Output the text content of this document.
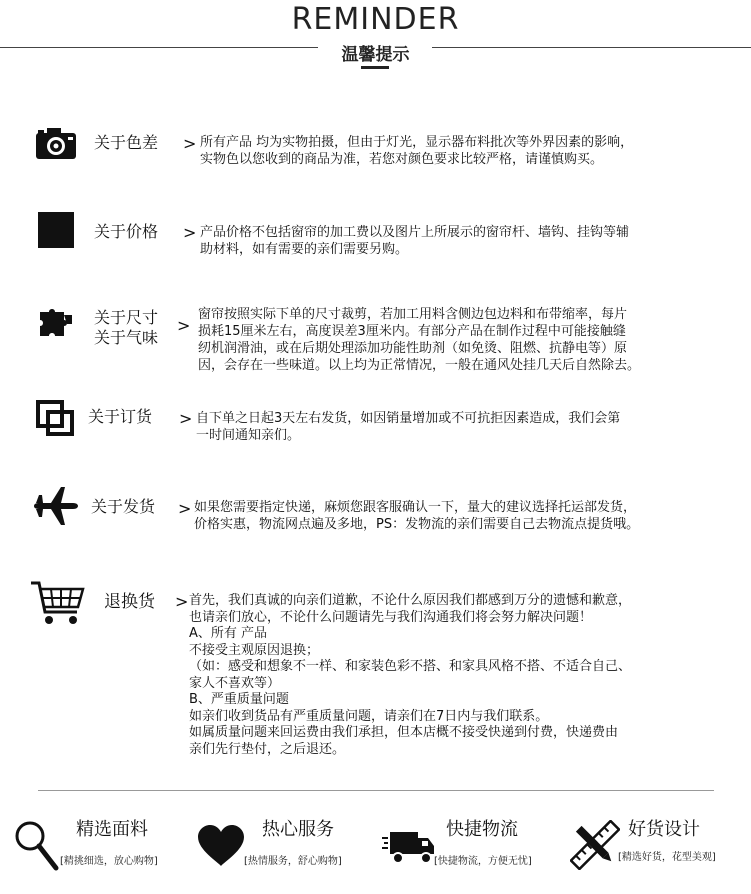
REMINDER
温馨提示
关于色差 > 所有产品 均为实物拍摄，但由于灯光，显示器布料批次等外界因素的影响，
实物色以您收到的商品为准，若您对颜色要求比较严格，请谨慎购买。
关于价格 > 产品价格不包括窗帘的加工费以及图片上所展示的窗帘杆、墙钩、挂钩等辅
助材料，如有需要的亲们需要另购。
关于尺寸
关于气味
>
窗帘按照实际下单的尺寸裁剪，若加工用料含侧边包边料和布带缩率，每片
损耗15厘米左右，高度误差3厘米内。有部分产品在制作过程中可能接触缝
纫机润滑油，或在后期处理添加功能性助剂（如免烫、阻燃、抗静电等）原
因，会存在一些味道。以上均为正常情况，一般在通风处挂几天后自然除去。
关于订货 > 自下单之日起3天左右发货，如因销量增加或不可抗拒因素造成，我们会第
一时间通知亲们。
关于发货 > 如果您需要指定快递，麻烦您跟客服确认一下，量大的建议选择托运部发货，
价格实惠，物流网点遍及多地，PS：发物流的亲们需要自己去物流点提货哦。
退换货 > 首先，我们真诚的向亲们道歉，不论什么原因我们都感到万分的遗憾和歉意，
也请亲们放心，不论什么问题请先与我们沟通我们将会努力解决问题！
A、所有 产品
不接受主观原因退换；
（如：感受和想象不一样、和家装色彩不搭、和家具风格不搭、不适合自己、
家人不喜欢等）
B、严重质量问题
如亲们收到货品有严重质量问题，请亲们在7日内与我们联系。
如属质量问题来回运费由我们承担，但本店概不接受快递到付费，快递费由
亲们先行垫付，之后退还。
精选面料
[精挑细选，放心购物]
热心服务
[热情服务，舒心购物]
快捷物流
[快捷物流，方便无忧]
好货设计
[精选好货，花型美观]
